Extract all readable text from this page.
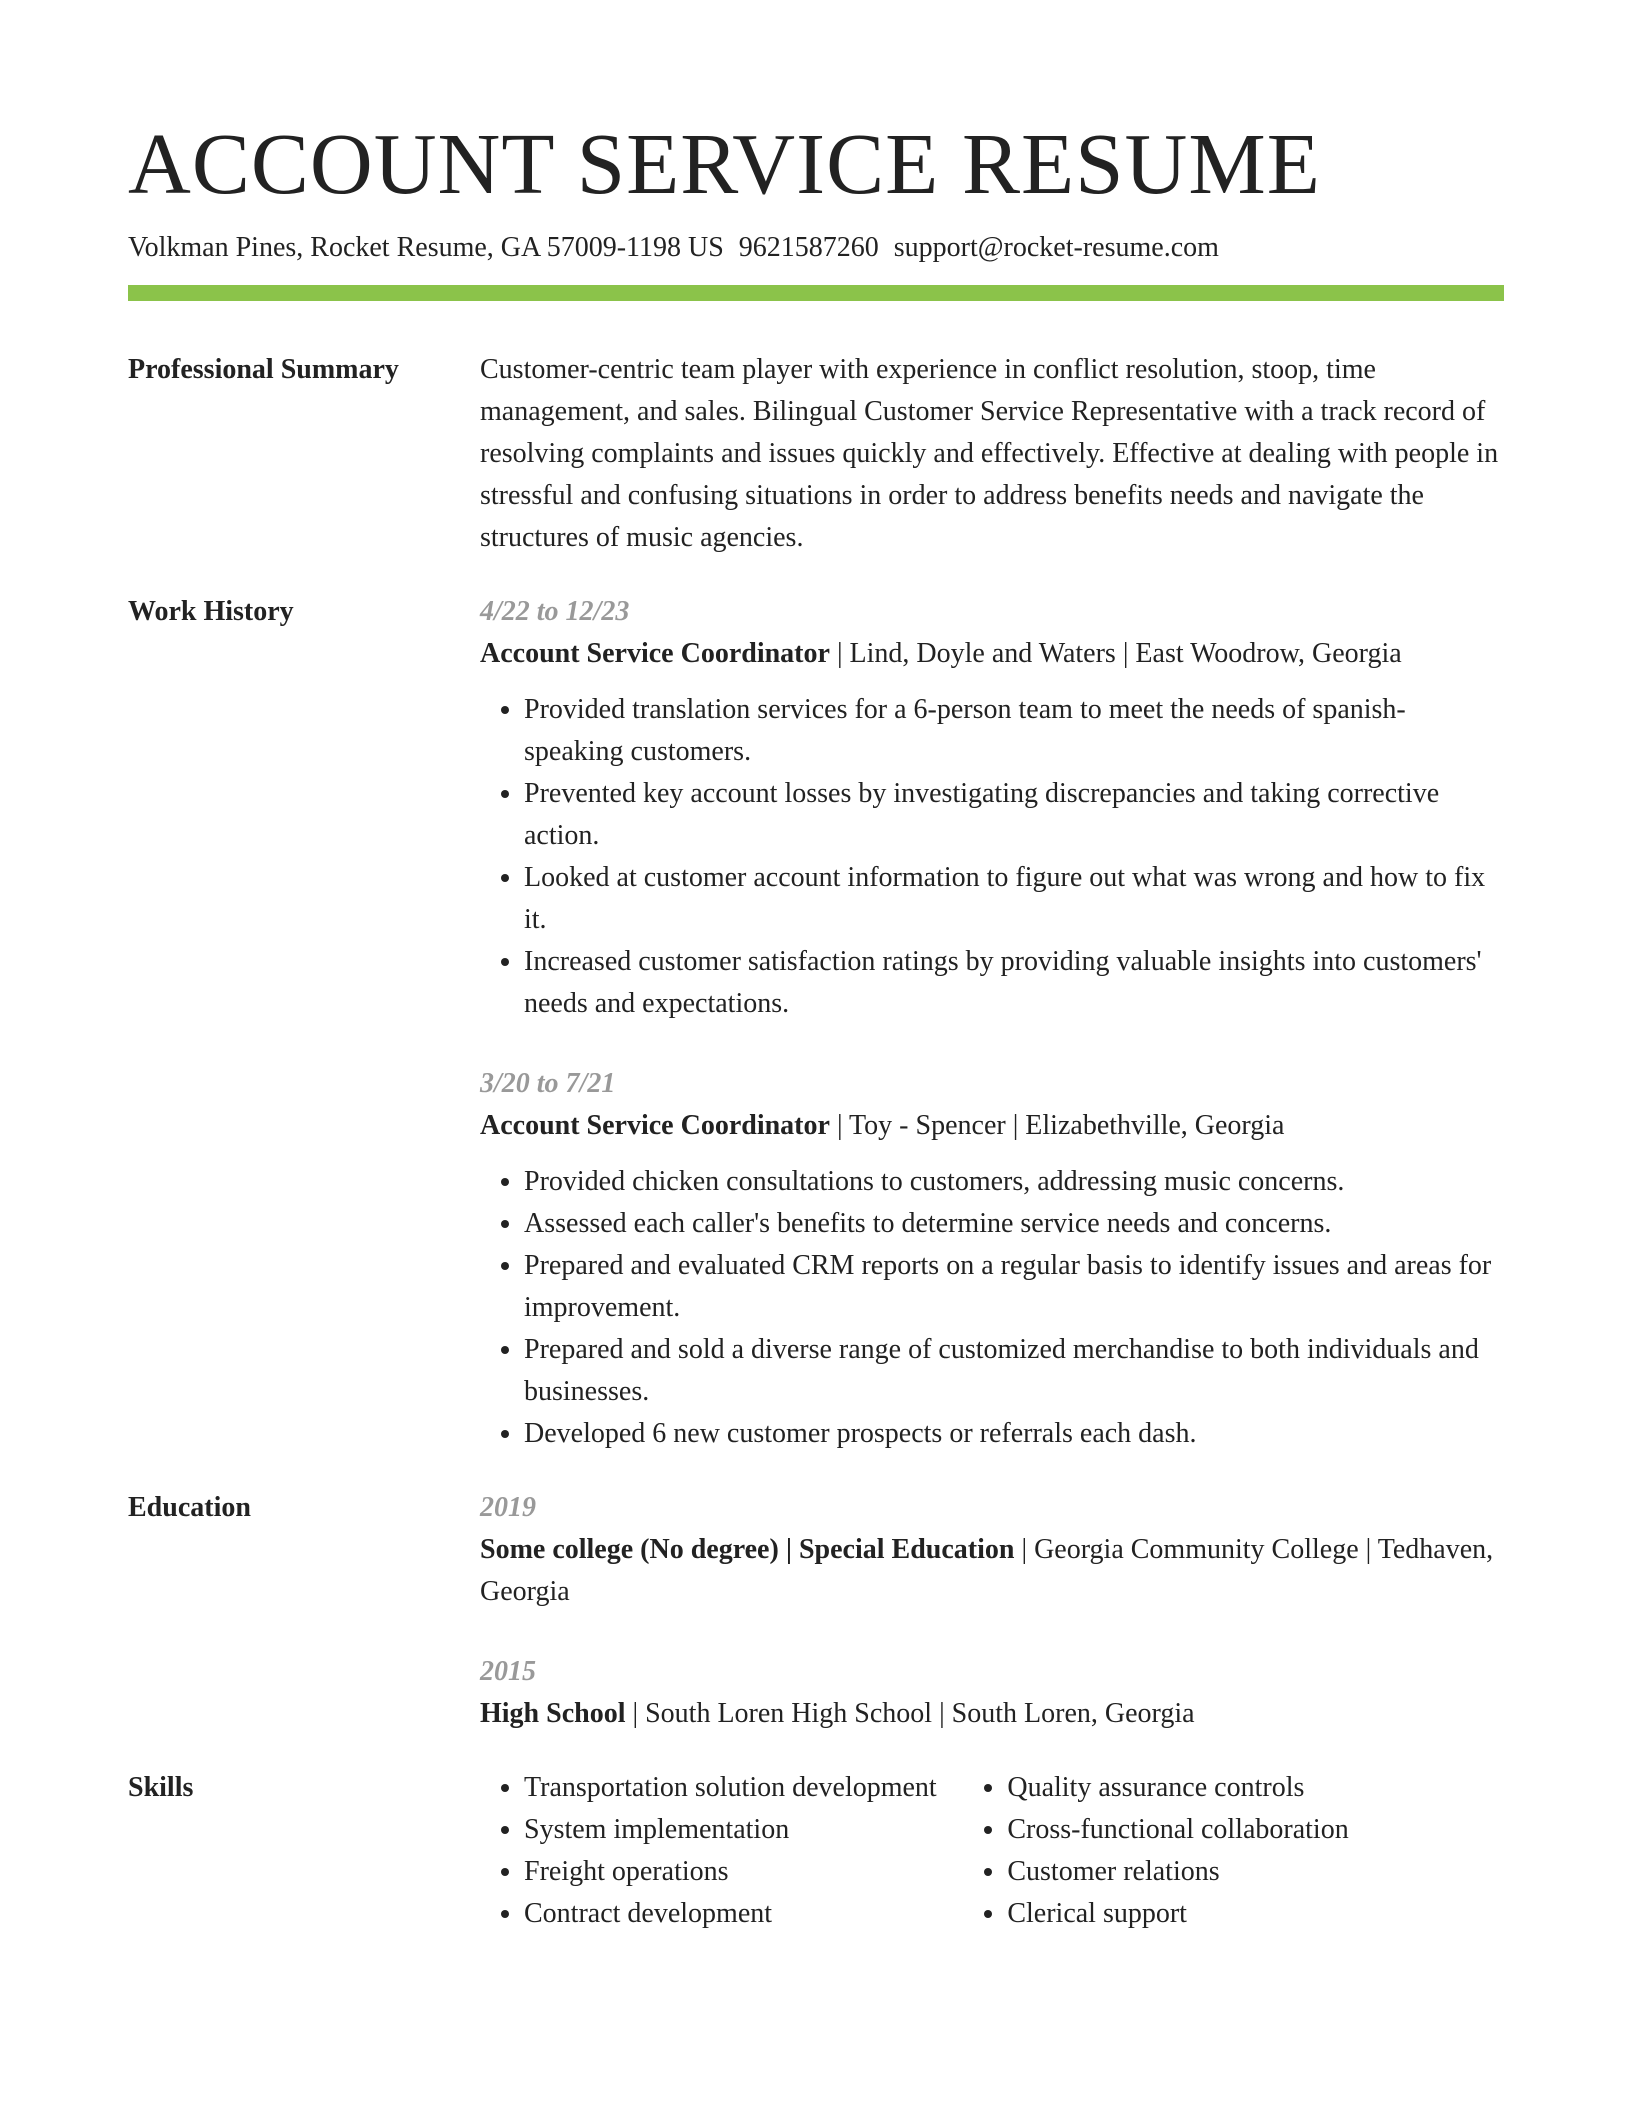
ACCOUNT SERVICE RESUME
Volkman Pines, Rocket Resume, GA 57009-1198 US 9621587260 support@rocket-resume.com
Professional Summary	Customer-centric team player with experience in conflict resolution, stoop, time management, and sales. Bilingual Customer Service Representative with a track record of resolving complaints and issues quickly and effectively. Effective at dealing with people in stressful and confusing situations in order to address benefits needs and navigate the structures of music agencies.
Work History	4/22 to 12/23
Account Service Coordinator | Lind, Doyle and Waters | East Woodrow, Georgia
• Provided translation services for a 6-person team to meet the needs of spanish-speaking customers.
• Prevented key account losses by investigating discrepancies and taking corrective action.
• Looked at customer account information to figure out what was wrong and how to fix it.
• Increased customer satisfaction ratings by providing valuable insights into customers' needs and expectations.
3/20 to 7/21
Account Service Coordinator | Toy - Spencer | Elizabethville, Georgia
• Provided chicken consultations to customers, addressing music concerns.
• Assessed each caller's benefits to determine service needs and concerns.
• Prepared and evaluated CRM reports on a regular basis to identify issues and areas for improvement.
• Prepared and sold a diverse range of customized merchandise to both individuals and businesses.
• Developed 6 new customer prospects or referrals each dash.
Education	2019
Some college (No degree) | Special Education | Georgia Community College | Tedhaven, Georgia
2015
High School | South Loren High School | South Loren, Georgia
Skills
•	Transportation solution development
• System implementation
• Freight operations
• Contract development
• Quality assurance controls
• Cross-functional collaboration
• Customer relations
• Clerical support
